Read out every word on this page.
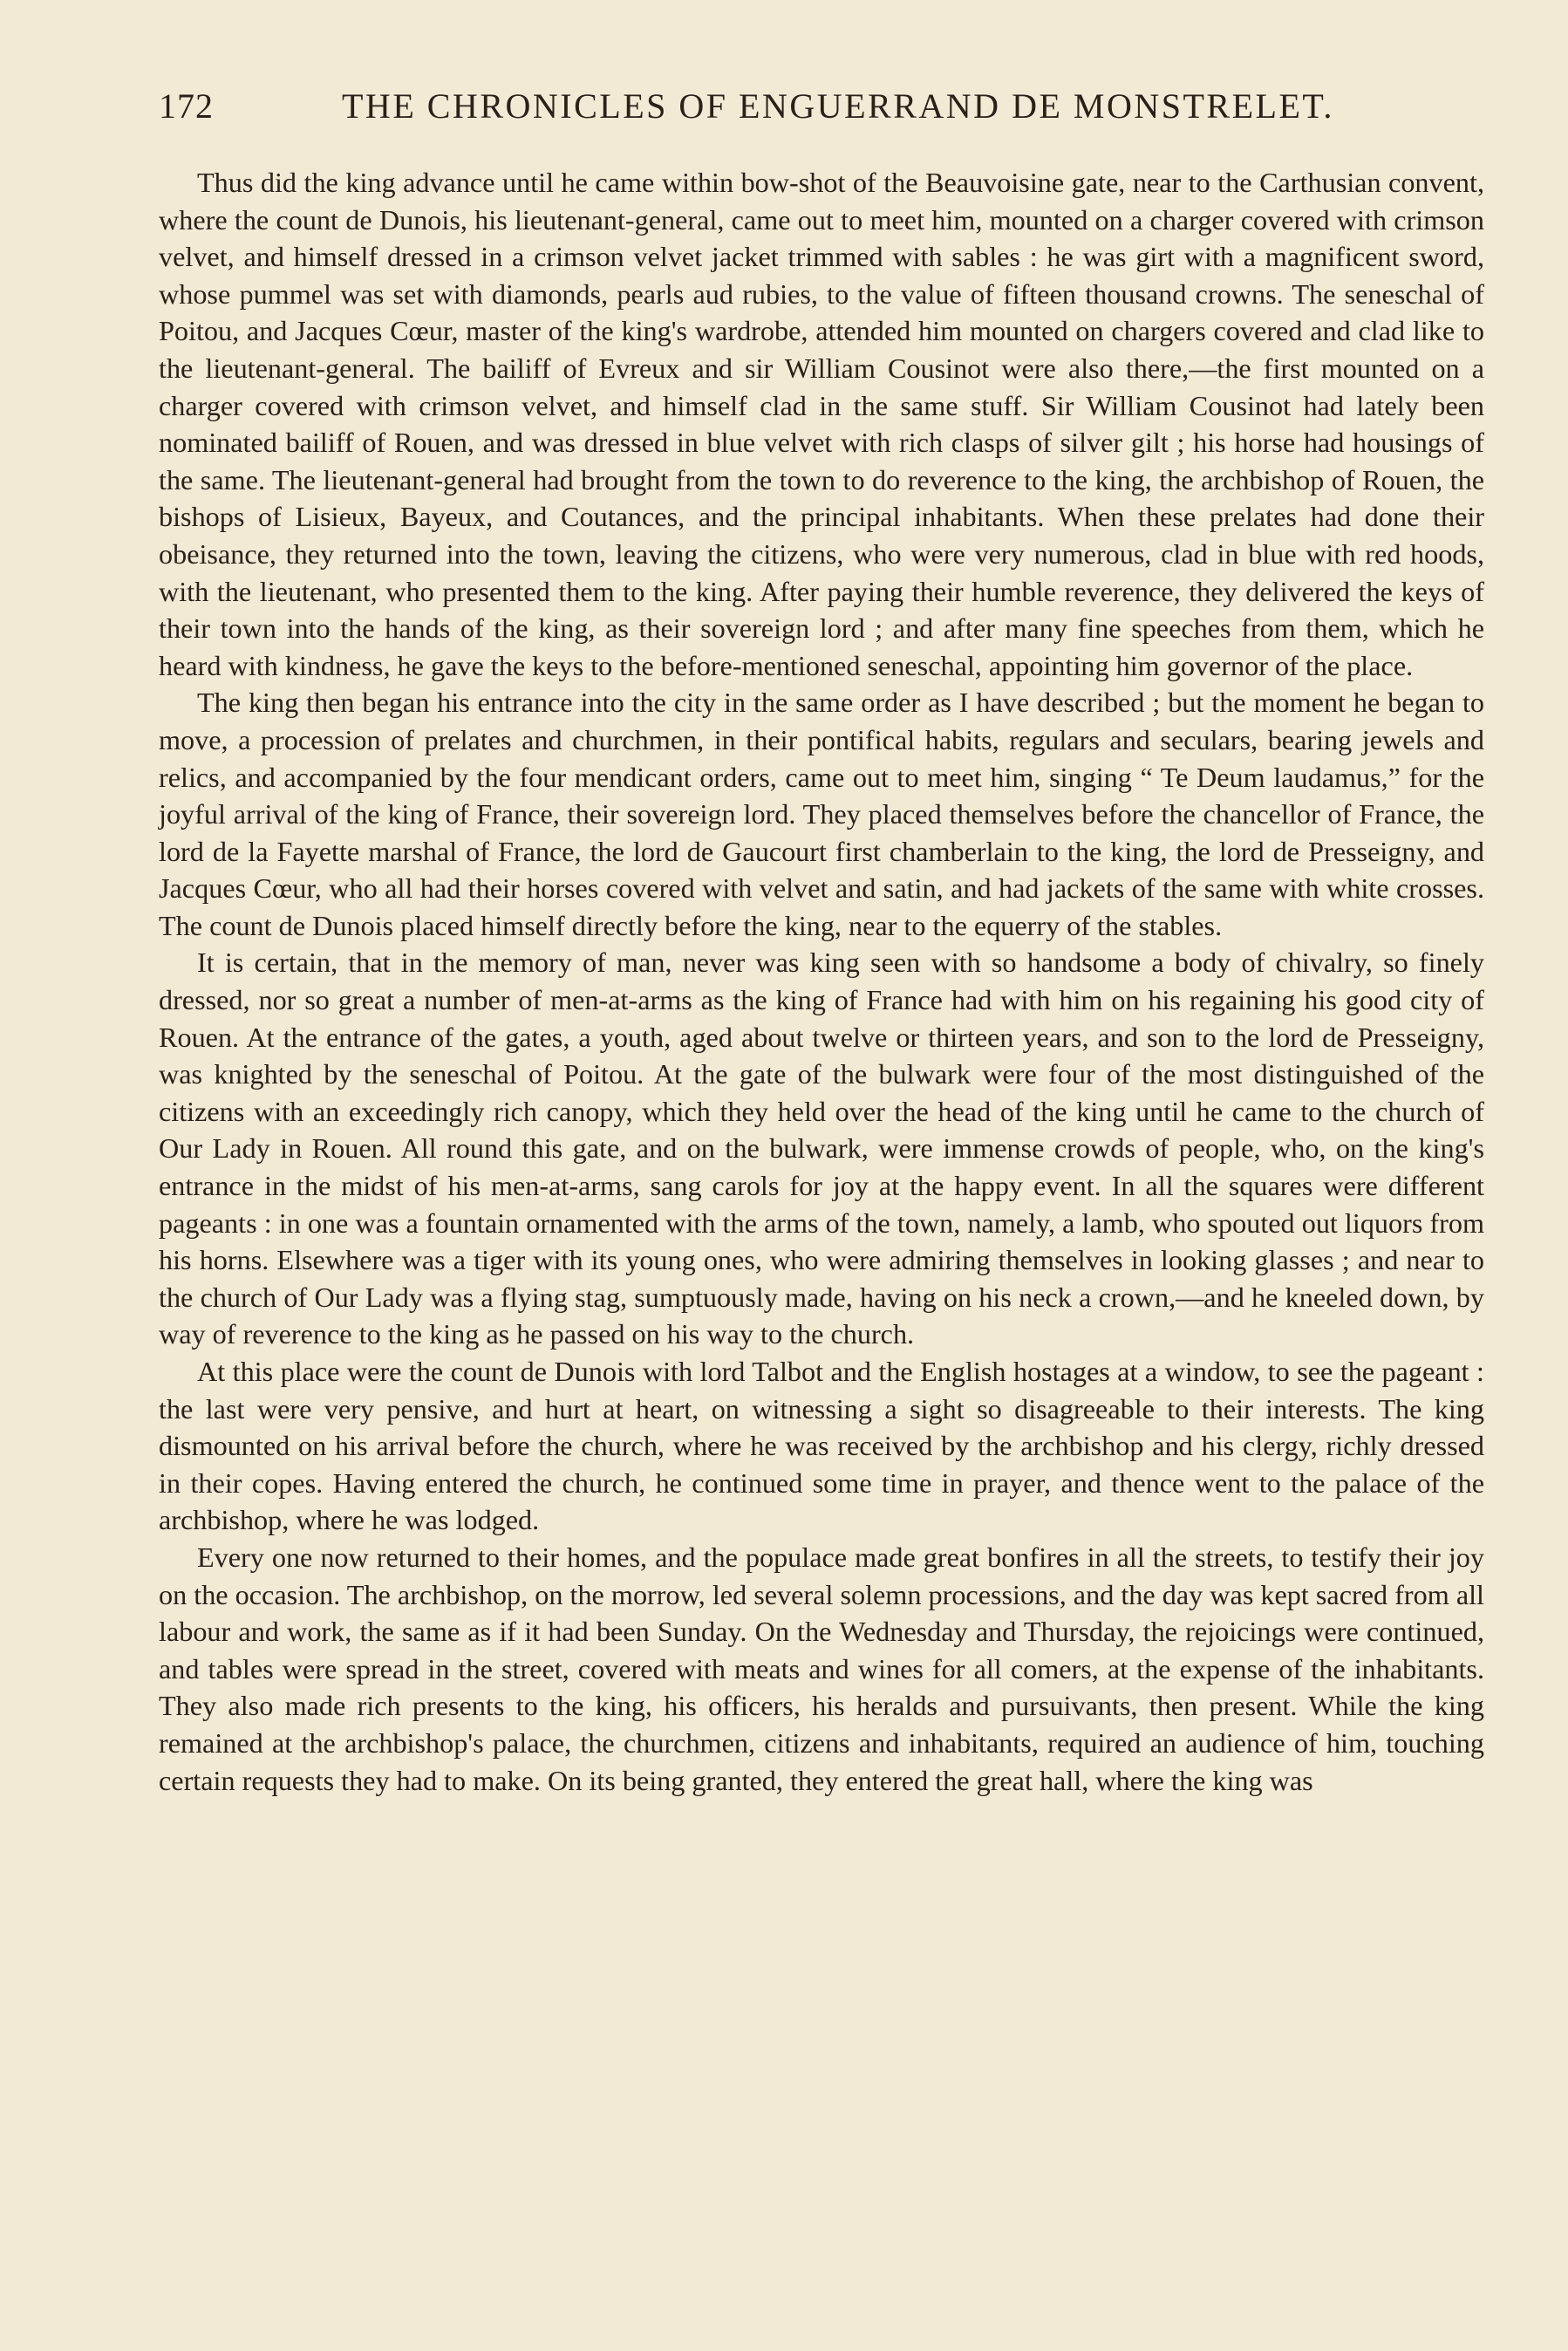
172	THE CHRONICLES OF ENGUERRAND DE MONSTRELET.

Thus did the king advance until he came within bow-shot of the Beauvoisine gate, near to the Carthusian convent, where the count de Dunois, his lieutenant-general, came out to meet him, mounted on a charger covered with crimson velvet, and himself dressed in a crimson velvet jacket trimmed with sables : he was girt with a magnificent sword, whose pummel was set with diamonds, pearls aud rubies, to the value of fifteen thousand crowns. The seneschal of Poitou, and Jacques Cœur, master of the king's wardrobe, attended him mounted on chargers covered and clad like to the lieutenant-general. The bailiff of Evreux and sir William Cousinot were also there,—the first mounted on a charger covered with crimson velvet, and himself clad in the same stuff. Sir William Cousinot had lately been nominated bailiff of Rouen, and was dressed in blue velvet with rich clasps of silver gilt ; his horse had housings of the same. The lieutenant-general had brought from the town to do reverence to the king, the archbishop of Rouen, the bishops of Lisieux, Bayeux, and Coutances, and the principal inhabitants. When these prelates had done their obeisance, they returned into the town, leaving the citizens, who were very numerous, clad in blue with red hoods, with the lieutenant, who presented them to the king. After paying their humble reverence, they delivered the keys of their town into the hands of the king, as their sovereign lord ; and after many fine speeches from them, which he heard with kindness, he gave the keys to the before-mentioned seneschal, appointing him governor of the place.

The king then began his entrance into the city in the same order as I have described ; but the moment he began to move, a procession of prelates and churchmen, in their pontifical habits, regulars and seculars, bearing jewels and relics, and accompanied by the four mendicant orders, came out to meet him, singing “ Te Deum laudamus,” for the joyful arrival of the king of France, their sovereign lord. They placed themselves before the chancellor of France, the lord de la Fayette marshal of France, the lord de Gaucourt first chamberlain to the king, the lord de Presseigny, and Jacques Cœur, who all had their horses covered with velvet and satin, and had jackets of the same with white crosses. The count de Dunois placed himself directly before the king, near to the equerry of the stables.

It is certain, that in the memory of man, never was king seen with so handsome a body of chivalry, so finely dressed, nor so great a number of men-at-arms as the king of France had with him on his regaining his good city of Rouen. At the entrance of the gates, a youth, aged about twelve or thirteen years, and son to the lord de Presseigny, was knighted by the seneschal of Poitou. At the gate of the bulwark were four of the most distinguished of the citizens with an exceedingly rich canopy, which they held over the head of the king until he came to the church of Our Lady in Rouen. All round this gate, and on the bulwark, were immense crowds of people, who, on the king's entrance in the midst of his men-at-arms, sang carols for joy at the happy event. In all the squares were different pageants : in one was a fountain ornamented with the arms of the town, namely, a lamb, who spouted out liquors from his horns. Elsewhere was a tiger with its young ones, who were admiring themselves in looking glasses ; and near to the church of Our Lady was a flying stag, sumptuously made, having on his neck a crown,—and he kneeled down, by way of reverence to the king as he passed on his way to the church.

At this place were the count de Dunois with lord Talbot and the English hostages at a window, to see the pageant : the last were very pensive, and hurt at heart, on witnessing a sight so disagreeable to their interests. The king dismounted on his arrival before the church, where he was received by the archbishop and his clergy, richly dressed in their copes. Having entered the church, he continued some time in prayer, and thence went to the palace of the archbishop, where he was lodged.

Every one now returned to their homes, and the populace made great bonfires in all the streets, to testify their joy on the occasion. The archbishop, on the morrow, led several solemn processions, and the day was kept sacred from all labour and work, the same as if it had been Sunday. On the Wednesday and Thursday, the rejoicings were continued, and tables were spread in the street, covered with meats and wines for all comers, at the expense of the inhabitants. They also made rich presents to the king, his officers, his heralds and pursuivants, then present. While the king remained at the archbishop's palace, the churchmen, citizens and inhabitants, required an audience of him, touching certain requests they had to make. On its being granted, they entered the great hall, where the king was
